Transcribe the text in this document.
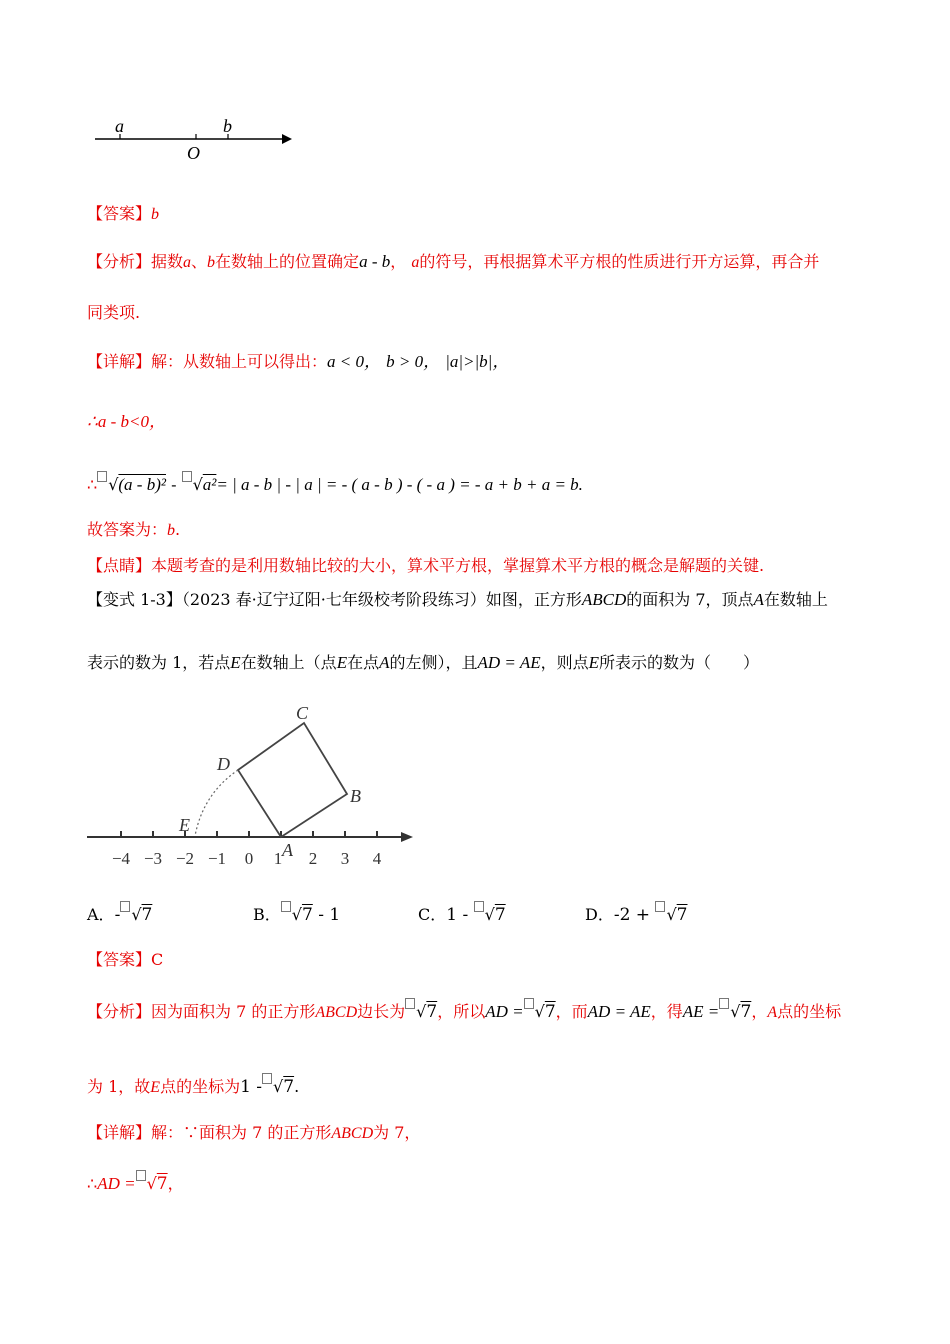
a	b
O
【答案】b
【分析】据数a、b在数轴上的位置确定a - b， a的符号，再根据算术平方根的性质进行开方运算，再合并
同类项.
【详解】解：从数轴上可以得出：a < 0， b > 0， |a|>|b|，
∴a - b<0，
∴ √(a - b)² - √a²= | a - b | - | a | = - ( a - b ) - ( - a ) = - a + b + a = b.
故答案为：b.
【点睛】本题考查的是利用数轴比较的大小，算术平方根，掌握算术平方根的概念是解题的关键.
【变式 1-3】（2023 春·辽宁辽阳·七年级校考阶段练习）如图，正方形ABCD的面积为 7，顶点A在数轴上
表示的数为 1，若点E在数轴上（点E在点A的左侧），且AD = AE，则点E所表示的数为（　　）
−4 −3 −2 −1 0 1 2 3 4
C
D
B
E
A
A．- √7	B． √7 - 1	C．1 - √7	D．-2 + √7
【答案】C
【分析】因为面积为 7 的正方形ABCD边长为 √7，所以AD = √7，而AD = AE，得AE = √7，A点的坐标
为 1，故E点的坐标为1 - √7.
【详解】解：∵面积为 7 的正方形ABCD为 7，
∴AD = √7，
